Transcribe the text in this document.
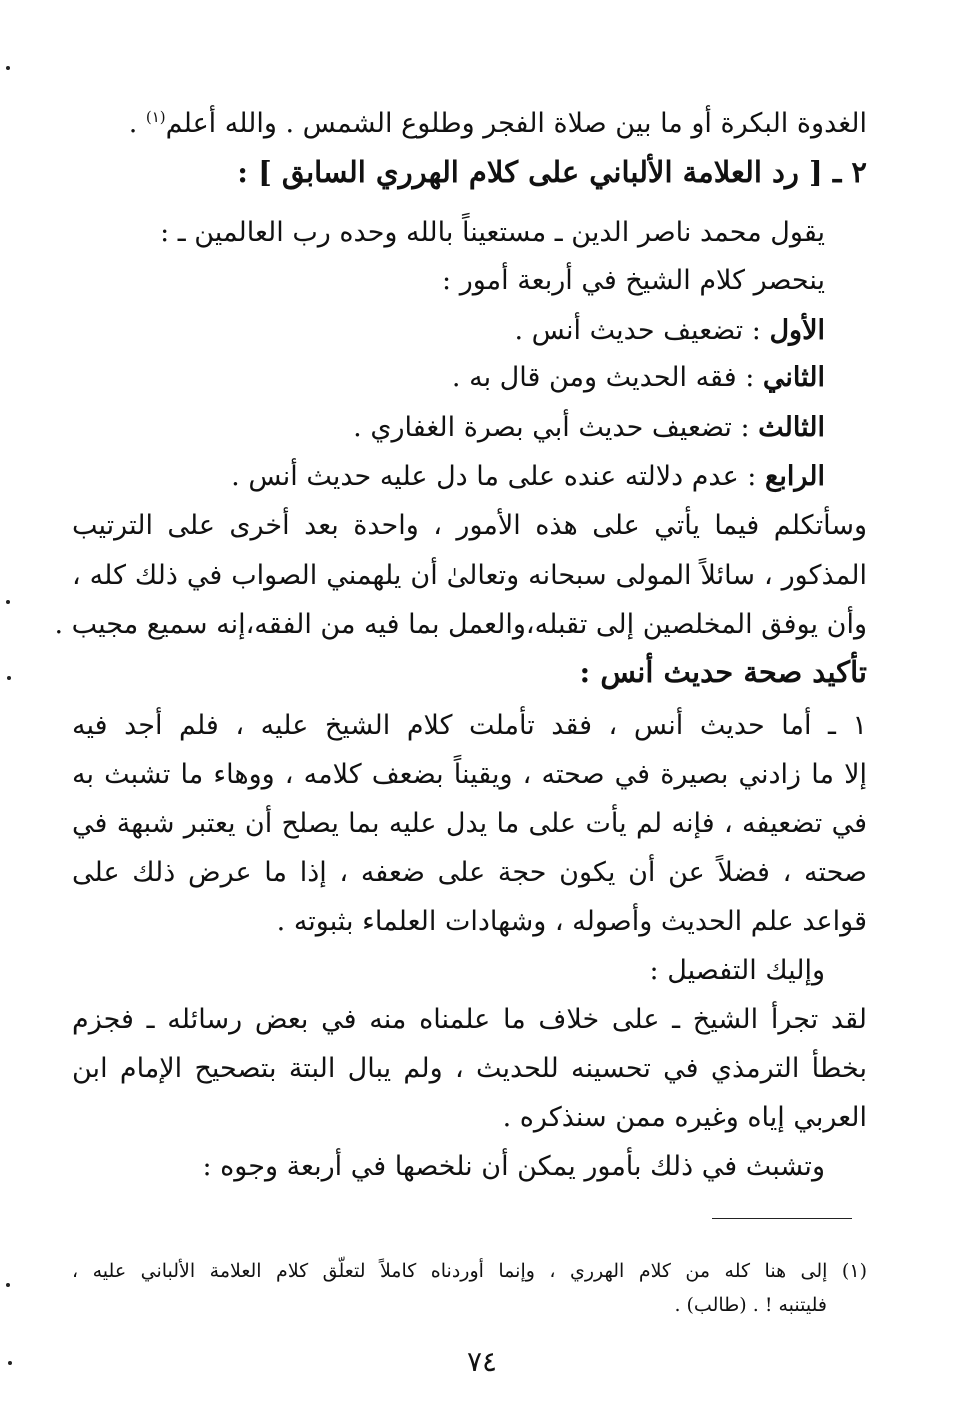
الغدوة البكرة أو ما بين صلاة الفجر وطلوع الشمس . والله أعلم$^{(١)}$ .
٢ ـ [ رد العلامة الألباني على كلام الهرري السابق ] :
يقول محمد ناصر الدين ـ مستعيناً بالله وحده رب العالمين ـ :
ينحصر كلام الشيخ في أربعة أمور :
الأول : تضعيف حديث أنس .
الثاني : فقه الحديث ومن قال به .
الثالث : تضعيف حديث أبي بصرة الغفاري .
الرابع : عدم دلالته عنده على ما دل عليه حديث أنس .
وسأتكلم فيما يأتي على هذه الأمور ، واحدة بعد أخرى على الترتيب
المذكور ، سائلاً المولى سبحانه وتعالىٰ أن يلهمني الصواب في ذلك كله ،
وأن يوفق المخلصين إلى تقبله،والعمل بما فيه من الفقه،إنه سميع مجيب .
تأكيد صحة حديث أنس :
١ ـ أما حديث أنس ، فقد تأملت كلام الشيخ عليه ، فلم أجد فيه
إلا ما زادني بصيرة في صحته ، ويقيناً بضعف كلامه ، ووهاء ما تشبث به
في تضعيفه ، فإنه لم يأت على ما يدل عليه بما يصلح أن يعتبر شبهة في
صحته ، فضلاً عن أن يكون حجة على ضعفه ، إذا ما عرض ذلك على
قواعد علم الحديث وأصوله ، وشهادات العلماء بثبوته .
وإليك التفصيل :
لقد تجرأ الشيخ ـ على خلاف ما علمناه منه في بعض رسائله ـ فجزم
بخطأ الترمذي في تحسينه للحديث ، ولم يبال البتة بتصحيح الإمام ابن
العربي إياه وغيره ممن سنذكره .
وتشبث في ذلك بأمور يمكن أن نلخصها في أربعة وجوه :
(١) إلى هنا كله من كلام الهرري ، وإنما أوردناه كاملاً لتعلّق كلام العلامة الألباني عليه ،
فليتنبه ! . (طالب) .
٧٤
